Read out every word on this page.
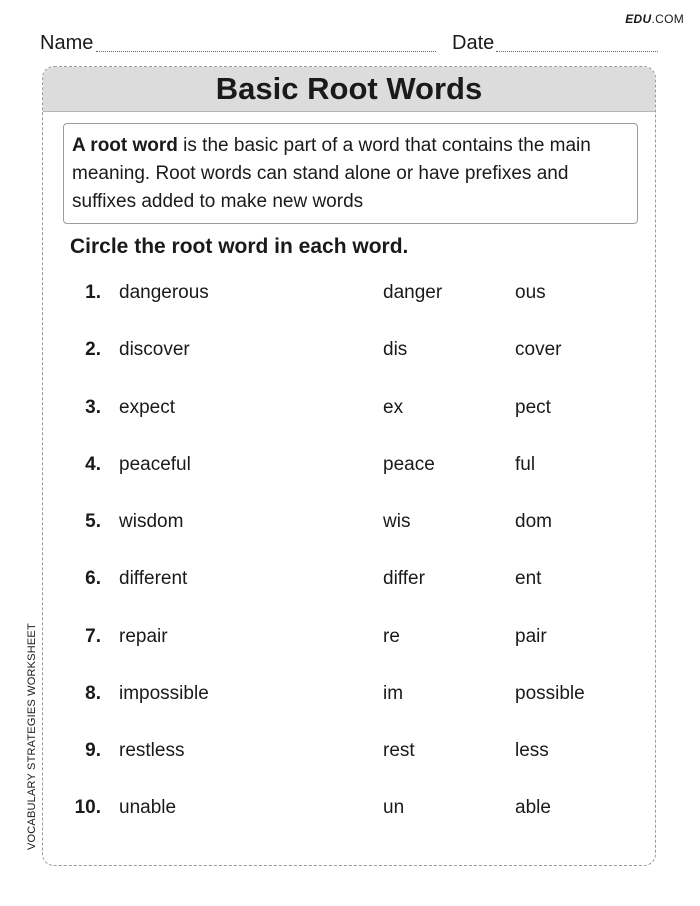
EDU.COM
Name	Date
VOCABULARY STRATEGIES WORKSHEET
Basic Root Words
A root word is the basic part of a word that contains the main meaning. Root words can stand alone or have prefixes and suffixes added to make new words
Circle the root word in each word.
1. dangerous	danger	ous
2. discover	dis	cover
3. expect	ex	pect
4. peaceful	peace	ful
5. wisdom	wis	dom
6. different	differ	ent
7. repair	re	pair
8. impossible	im	possible
9. restless	rest	less
10. unable	un	able
